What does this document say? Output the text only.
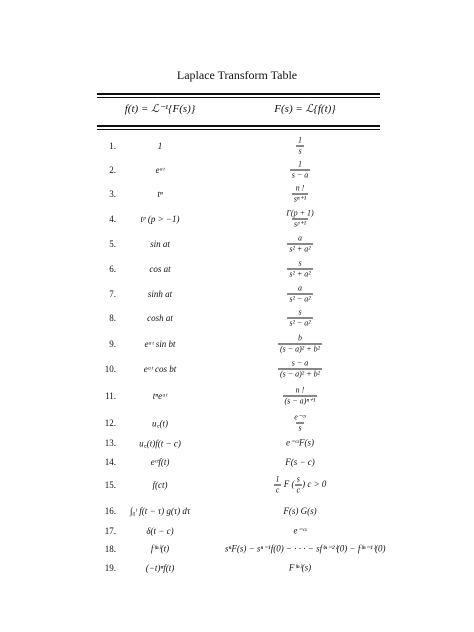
Laplace Transform Table
f(t) = ℒ⁻¹{F(s)}	F(s) = ℒ{f(t)}
1.	1	$\frac{1}{s}$
2.	eᵃᵗ	$\frac{1}{s - a}$
3.	tⁿ	$\frac{n !}{\text{sⁿ⁺¹}}$
4.	tᵖ (p > −1)	$\frac{\Gamma(p + 1)}{\text{sᵖ⁺¹}}$
5.	sin at	$\frac{a}{\text{s² + a²}}$
6.	cos at	$\frac{s}{\text{s² + a²}}$
7.	sinh at	$\frac{a}{\text{s² − a²}}$
8.	cosh at	$\frac{s}{\text{s² − a²}}$
9.	eᵃᵗ sin bt	$\frac{b}{\text{(s − a)² + b²}}$
10.	eᵃᵗ cos bt	$\frac{s - a}{\text{(s − a)² + b²}}$
11.	tⁿeᵃᵗ	$\frac{n !}{\text{(s − a)ⁿ⁺¹}}$
12.	u꜀(t)	$\frac{\text{e⁻ᶜˢ}}{s}$
13.	u꜀(t)f(t − c)	e⁻ᶜˢF(s)
14.	eᶜᵗf(t)	F(s − c)
15.	f(ct)	$\frac{1}{c}$ F ( $\frac{s}{c}$ ) c > 0
16.	∫₀ᵗ f(t − τ) g(τ) dτ	F(s) G(s)
17.	δ(t − c)	e⁻ᶜˢ
18.	f⁽ⁿ⁾(t)	sⁿF(s) − sⁿ⁻¹f(0) − · · · − sf⁽ⁿ⁻²⁾(0) − f⁽ⁿ⁻¹⁾(0)
19.	(−t)ⁿf(t)	F⁽ⁿ⁾(s)
